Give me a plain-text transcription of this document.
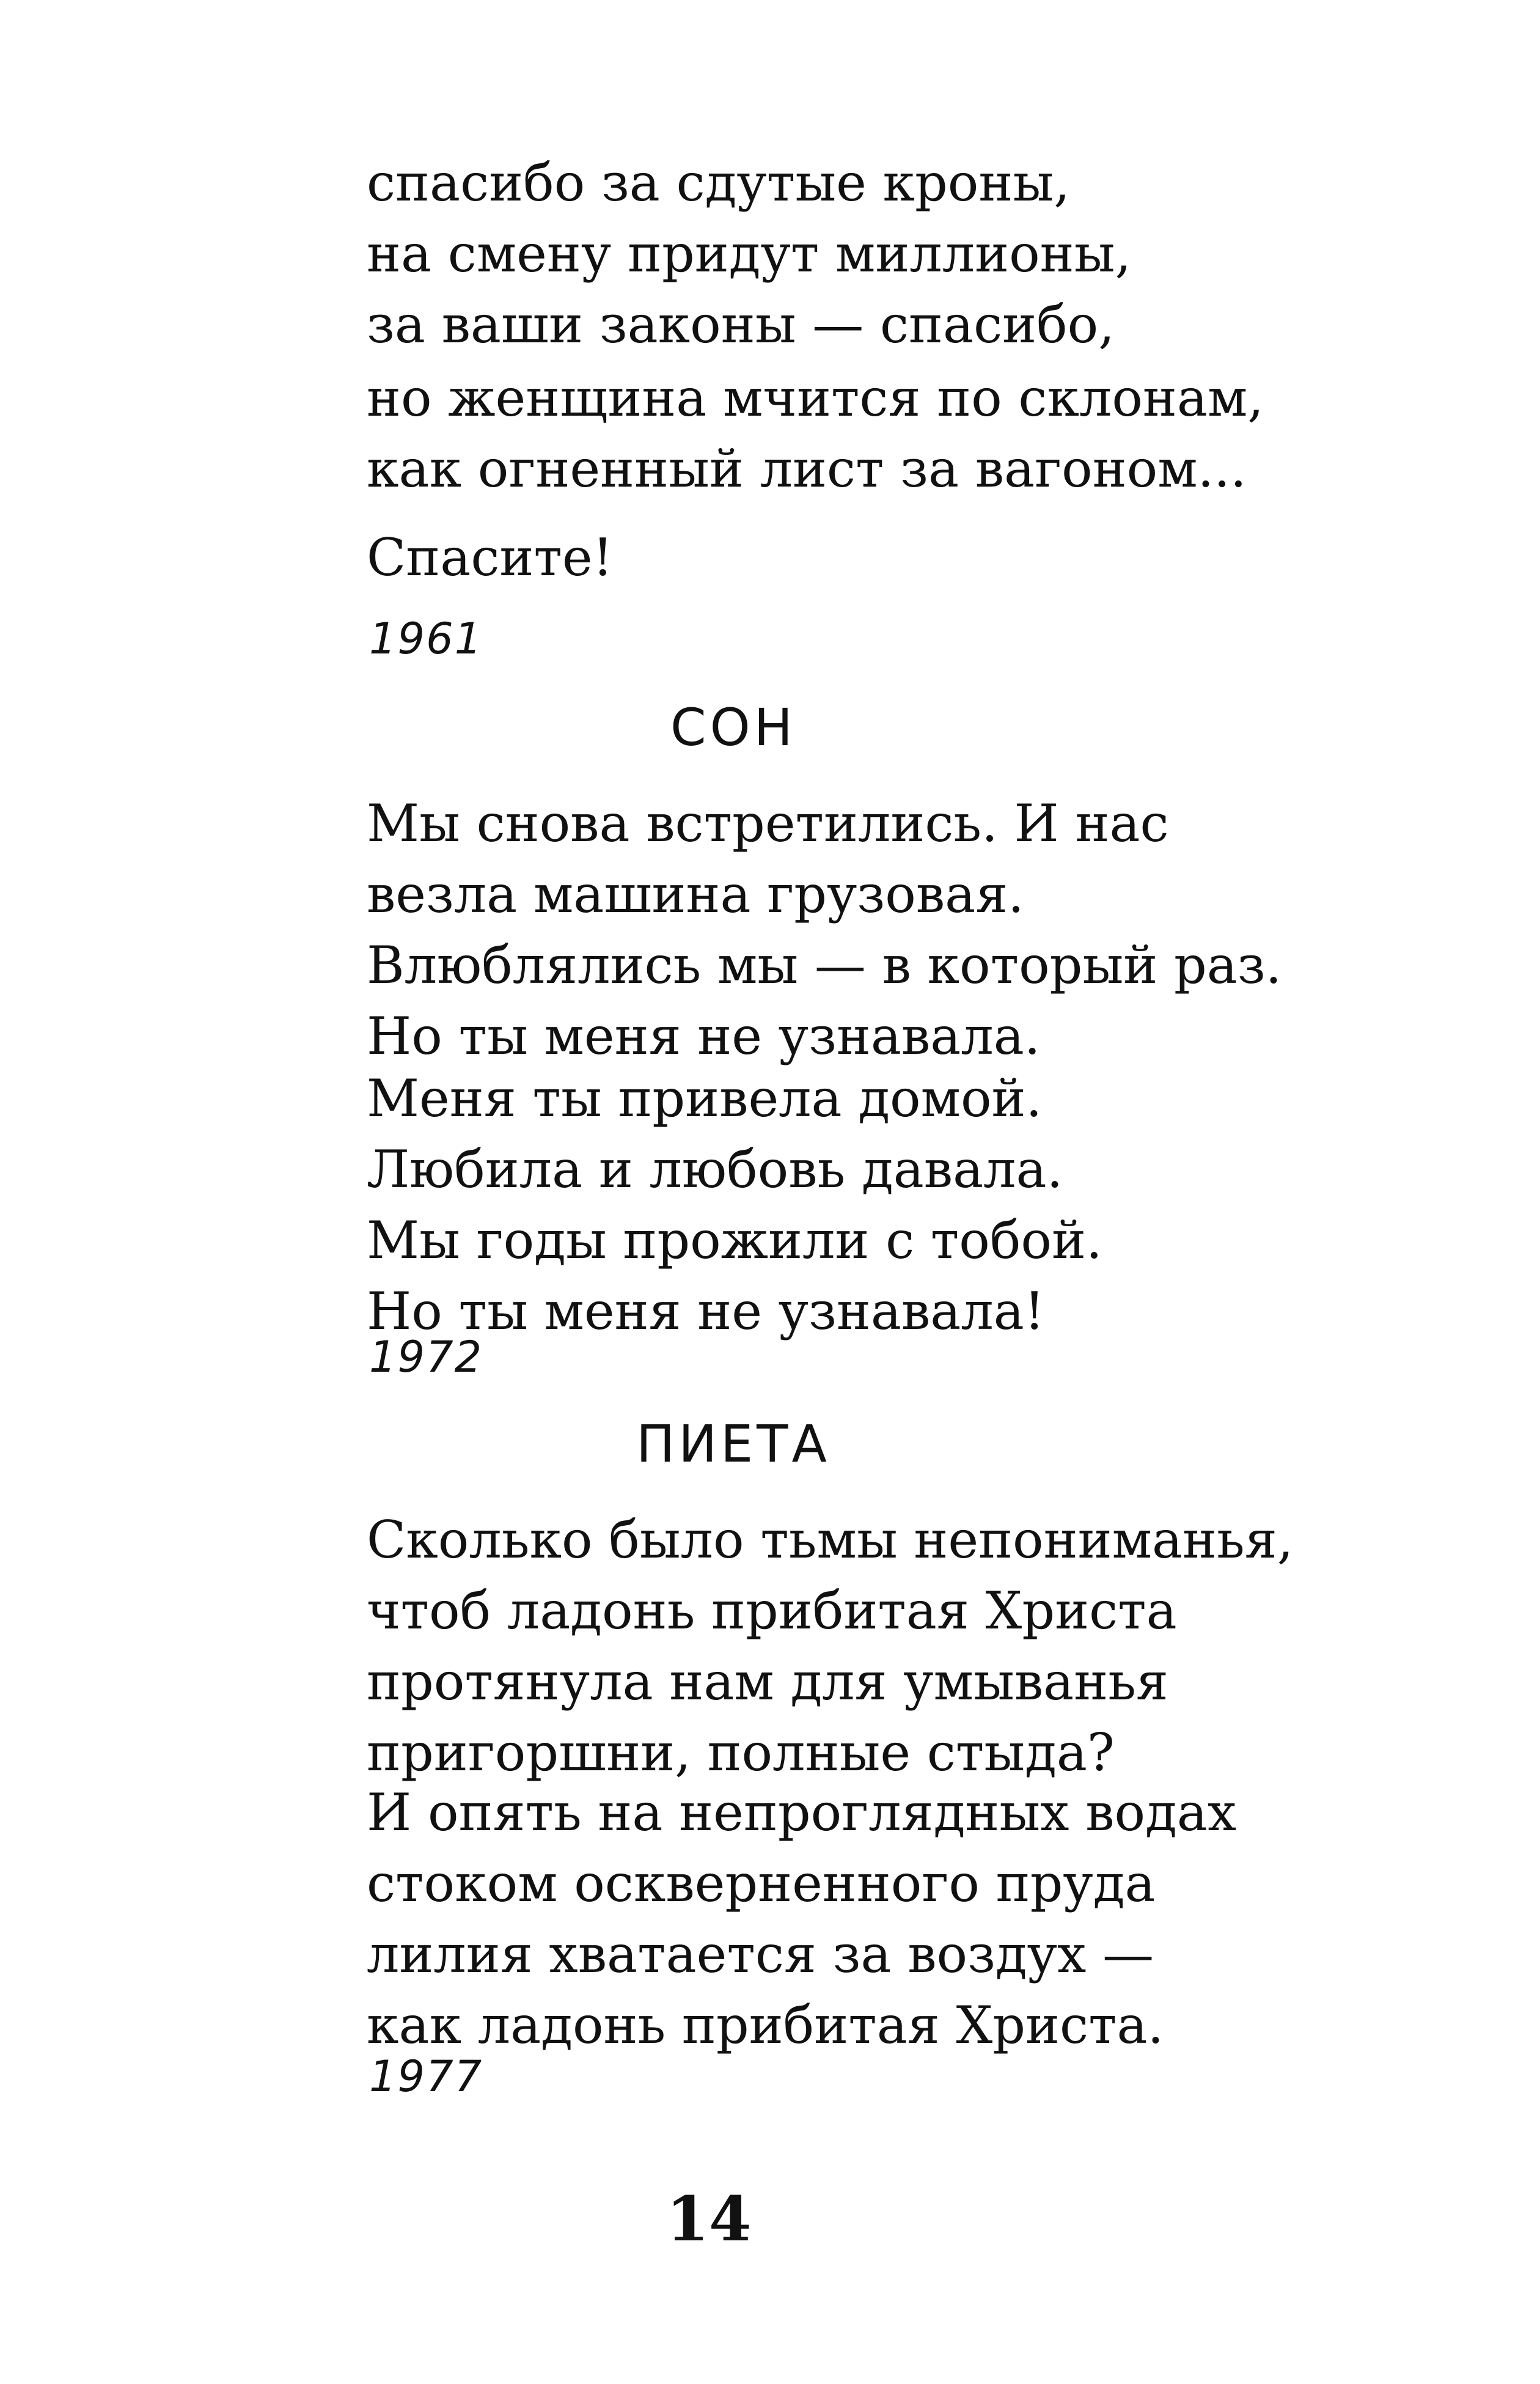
спасибо за сдутые кроны,
на смену придут миллионы,
за ваши законы — спасибо,
но женщина мчится по склонам,
как огненный лист за вагоном...
Спасите!
1961
СОН
Мы снова встретились. И нас
везла машина грузовая.
Влюблялись мы — в который раз.
Но ты меня не узнавала.
Меня ты привела домой.
Любила и любовь давала.
Мы годы прожили с тобой.
Но ты меня не узнавала!
1972
ПИЕТА
Сколько было тьмы непониманья,
чтоб ладонь прибитая Христа
протянула нам для умыванья
пригоршни, полные стыда?
И опять на непроглядных водах
стоком оскверненного пруда
лилия хватается за воздух —
как ладонь прибитая Христа.
1977
14
